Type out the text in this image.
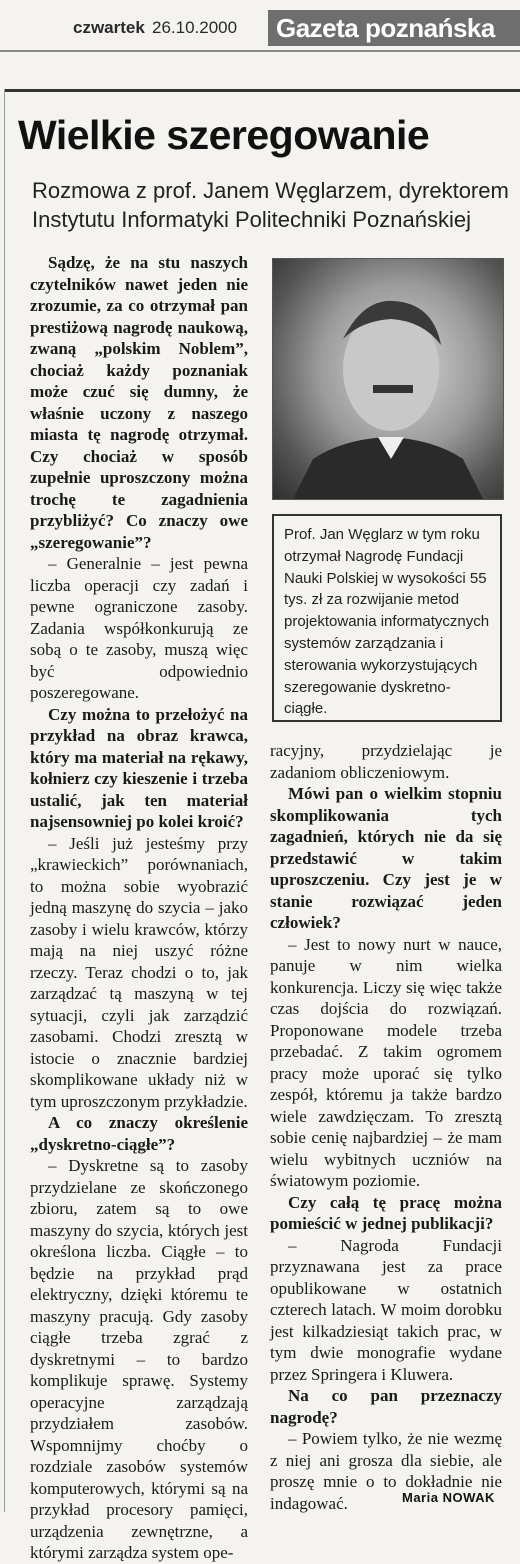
czwartek 26.10.2000	Gazeta poznańska
Wielkie szeregowanie
Rozmowa z prof. Janem Węglarzem, dyrektorem Instytutu Informatyki Politechniki Poznańskiej

Sądzę, że na stu naszych czytelników nawet jeden nie zrozumie, za co otrzymał pan prestiżową nagrodę naukową, zwaną „polskim Noblem”, chociaż każdy poznaniak może czuć się dumny, że właśnie uczony z naszego miasta tę nagrodę otrzymał. Czy chociaż w sposób zupełnie uproszczony można trochę te zagadnienia przybliżyć? Co znaczy owe „szeregowanie”?

– Generalnie – jest pewna liczba operacji czy zadań i pewne ograniczone zasoby. Zadania współkonkurują ze sobą o te zasoby, muszą więc być odpowiednio poszeregowane.

Czy można to przełożyć na przykład na obraz krawca, który ma materiał na rękawy, kołnierz czy kieszenie i trzeba ustalić, jak ten materiał najsensowniej po kolei kroić?

– Jeśli już jesteśmy przy „krawieckich” porównaniach, to można sobie wyobrazić jedną maszynę do szycia – jako zasoby i wielu krawców, którzy mają na niej uszyć różne rzeczy. Teraz chodzi o to, jak zarządzać tą maszyną w tej sytuacji, czyli jak zarządzić zasobami. Chodzi zresztą w istocie o znacznie bardziej skomplikowane układy niż w tym uproszczonym przykładzie.

A co znaczy określenie „dyskretno-ciągłe”?

– Dyskretne są to zasoby przydzielane ze skończonego zbioru, zatem są to owe maszyny do szycia, których jest określona liczba. Ciągłe – to będzie na przykład prąd elektryczny, dzięki któremu te maszyny pracują. Gdy zasoby ciągłe trzeba zgrać z dyskretnymi – to bardzo komplikuje sprawę. Systemy operacyjne zarządzają przydziałem zasobów. Wspomnijmy choćby o rozdziale zasobów systemów komputerowych, którymi są na przykład procesory pamięci, urządzenia zewnętrzne, a którymi zarządza system ope-

Prof. Jan Węglarz w tym roku otrzymał Nagrodę Fundacji Nauki Polskiej w wysokości 55 tys. zł za rozwijanie metod projektowania informatycznych systemów zarządzania i sterowania wykorzystujących szeregowanie dyskretno-ciągłe.

racyjny, przydzielając je zadaniom obliczeniowym.

Mówi pan o wielkim stopniu skomplikowania tych zagadnień, których nie da się przedstawić w takim uproszczeniu. Czy jest je w stanie rozwiązać jeden człowiek?

– Jest to nowy nurt w nauce, panuje w nim wielka konkurencja. Liczy się więc także czas dojścia do rozwiązań. Proponowane modele trzeba przebadać. Z takim ogromem pracy może uporać się tylko zespół, któremu ja także bardzo wiele zawdzięczam. To zresztą sobie cenię najbardziej – że mam wielu wybitnych uczniów na światowym poziomie.

Czy całą tę pracę można pomieścić w jednej publikacji?

– Nagroda Fundacji przyznawana jest za prace opublikowane w ostatnich czterech latach. W moim dorobku jest kilkadziesiąt takich prac, w tym dwie monografie wydane przez Springera i Kluwera.

Na co pan przeznaczy nagrodę?

– Powiem tylko, że nie wezmę z niej ani grosza dla siebie, ale proszę mnie o to dokładnie nie indagować.	Maria NOWAK
